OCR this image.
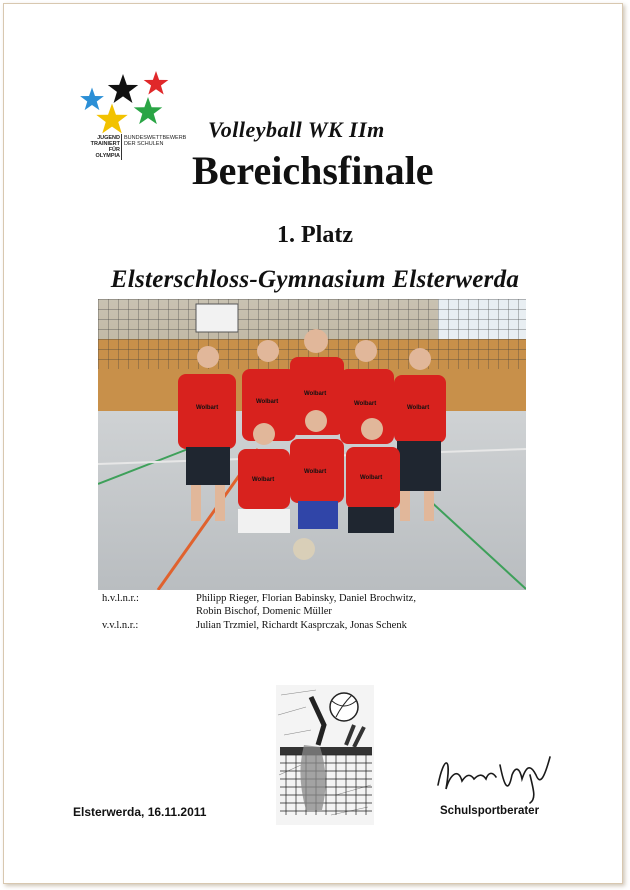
JUGEND
TRAINIERT
FÜR
OLYMPIA
BUNDESWETTBEWERB
DER SCHULEN
Volleyball WK IIm
Bereichsfinale
1. Platz
Elsterschloss-Gymnasium Elsterwerda
Wolbart
Wolbart
Wolbart
Wolbart
Wolbart
Wolbart
Wolbart
Wolbart
h.v.l.n.r.:	Philipp Rieger, Florian Babinsky, Daniel Brochwitz,
Robin Bischof, Domenic Müller
v.v.l.n.r.:	Julian Trzmiel, Richardt Kasprczak, Jonas Schenk
Elsterwerda, 16.11.2011	Schulsportberater
